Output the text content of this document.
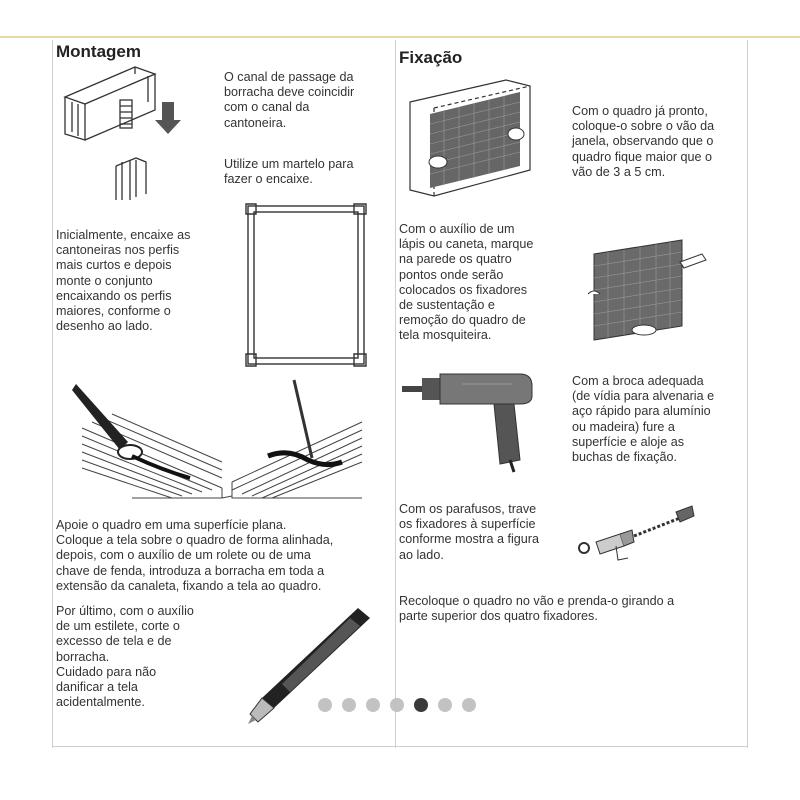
Montagem
O canal de passage da
borracha deve coincidir
com o canal da
cantoneira.
Utilize um martelo para
fazer o encaixe.
Inicialmente, encaixe as
cantoneiras nos perfis
mais curtos e depois
monte o conjunto
encaixando os perfis
maiores, conforme o
desenho ao lado.
Apoie o quadro em uma superfície plana.
Coloque a tela sobre o quadro de forma alinhada,
depois, com o auxílio de um rolete ou de uma
chave de fenda, introduza a borracha em toda a
extensão da canaleta, fixando a tela ao quadro.
Por último, com o auxílio
de um estilete, corte o
excesso de tela e de
borracha.
Cuidado para não
danificar a tela
acidentalmente.
Fixação
Com o quadro já pronto,
coloque-o sobre o vão da
janela, observando que o
quadro fique maior que o
vão de 3 a 5 cm.
Com o auxílio de um
lápis ou caneta, marque
na parede os quatro
pontos onde serão
colocados os fixadores
de sustentação e
remoção do quadro de
tela mosquiteira.
Com a broca adequada
(de vídia para alvenaria e
aço rápido para alumínio
ou madeira) fure a
superfície e aloje as
buchas de fixação.
Com os parafusos, trave
os fixadores à superfície
conforme mostra a figura
ao lado.
Recoloque o quadro no vão e prenda-o girando a
parte superior dos quatro fixadores.
